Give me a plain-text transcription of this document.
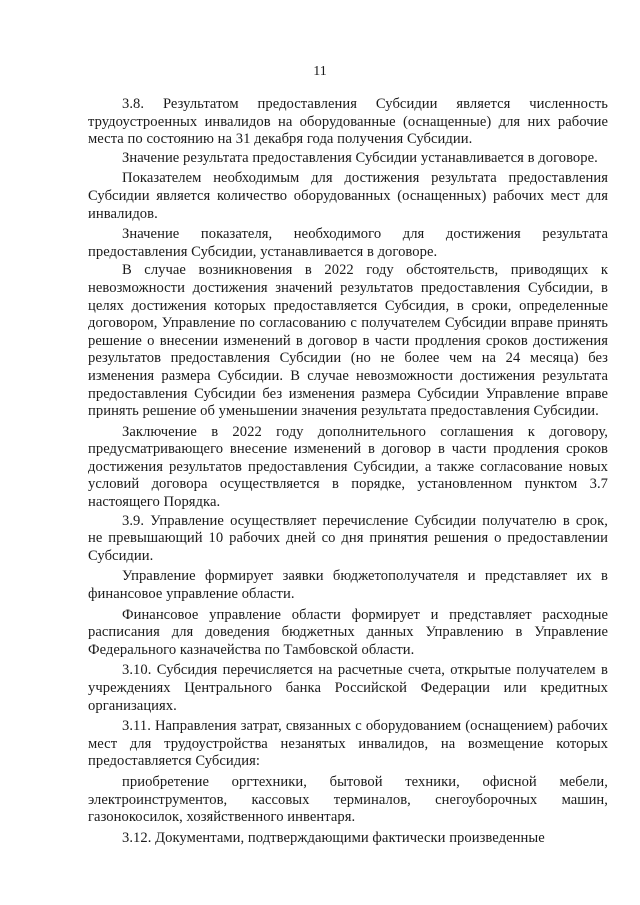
11

3.8. Результатом предоставления Субсидии является численность трудоустроенных инвалидов на оборудованные (оснащенные) для них рабочие места по состоянию на 31 декабря года получения Субсидии.

Значение результата предоставления Субсидии устанавливается в договоре.

Показателем необходимым для достижения результата предоставления Субсидии является количество оборудованных (оснащенных) рабочих мест для инвалидов.

Значение показателя, необходимого для достижения результата предоставления Субсидии, устанавливается в договоре.

В случае возникновения в 2022 году обстоятельств, приводящих к невозможности достижения значений результатов предоставления Субсидии, в целях достижения которых предоставляется Субсидия, в сроки, определенные договором, Управление по согласованию с получателем Субсидии вправе принять решение о внесении изменений в договор в части продления сроков достижения результатов предоставления Субсидии (но не более чем на 24 месяца) без изменения размера Субсидии. В случае невозможности достижения результата предоставления Субсидии без изменения размера Субсидии Управление вправе принять решение об уменьшении значения результата предоставления Субсидии.

Заключение в 2022 году дополнительного соглашения к договору, предусматривающего внесение изменений в договор в части продления сроков достижения результатов предоставления Субсидии, а также согласование новых условий договора осуществляется в порядке, установленном пунктом 3.7 настоящего Порядка.

3.9. Управление осуществляет перечисление Субсидии получателю в срок, не превышающий 10 рабочих дней со дня принятия решения о предоставлении Субсидии.

Управление формирует заявки бюджетополучателя и представляет их в финансовое управление области.

Финансовое управление области формирует и представляет расходные расписания для доведения бюджетных данных Управлению в Управление Федерального казначейства по Тамбовской области.

3.10. Субсидия перечисляется на расчетные счета, открытые получателем в учреждениях Центрального банка Российской Федерации или кредитных организациях.

3.11. Направления затрат, связанных с оборудованием (оснащением) рабочих мест для трудоустройства незанятых инвалидов, на возмещение которых предоставляется Субсидия:

приобретение оргтехники, бытовой техники, офисной мебели, электроинструментов, кассовых терминалов, снегоуборочных машин, газонокосилок, хозяйственного инвентаря.

3.12. Документами, подтверждающими фактически произведенные
